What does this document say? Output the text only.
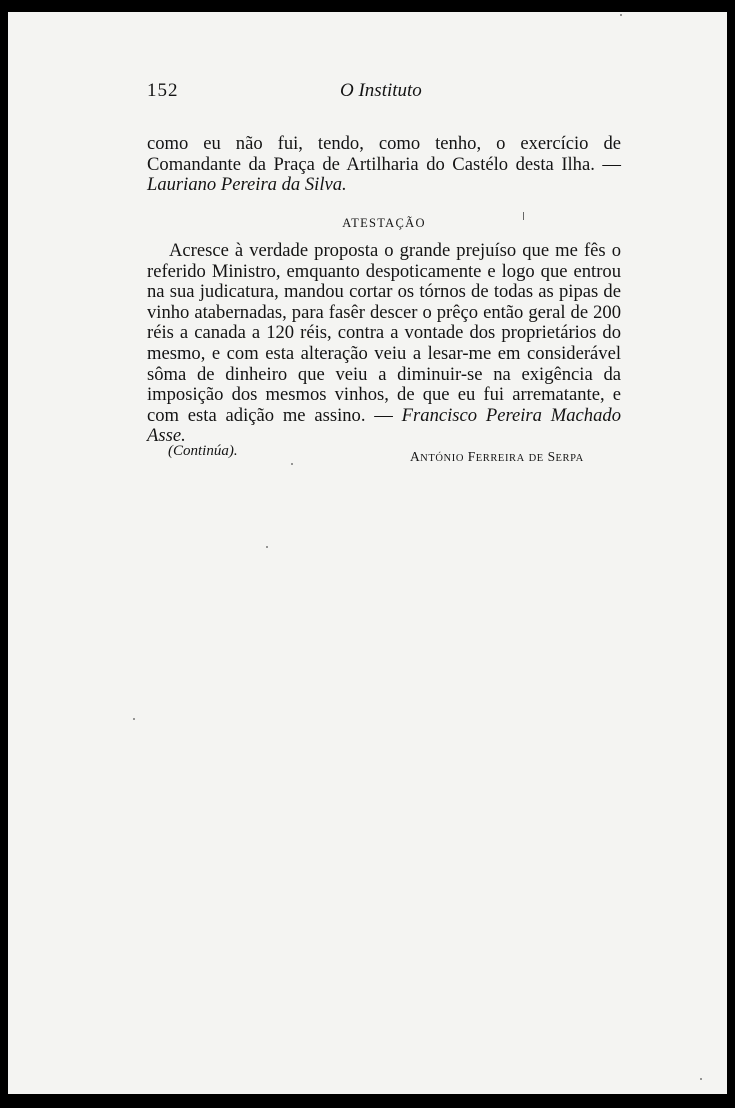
152	O Instituto

como eu não fui, tendo, como tenho, o exercício de Comandante da Praça de Artilharia do Castélo desta Ilha. — Lauriano Pereira da Silva.

ATESTAÇÃO

Acresce à verdade proposta o grande prejuíso que me fês o referido Ministro, emquanto despoticamente e logo que entrou na sua judicatura, mandou cortar os tórnos de todas as pipas de vinho atabernadas, para fasêr descer o prêço então geral de 200 réis a canada a 120 réis, contra a vontade dos proprietários do mesmo, e com esta alteração veiu a lesar-me em considerável sôma de dinheiro que veiu a diminuir-se na exigência da imposição dos mesmos vinhos, de que eu fui arrematante, e com esta adição me assino. — Francisco Pereira Machado Asse.

(Continúa).	ANTÓNIO FERREIRA DE SERPA
